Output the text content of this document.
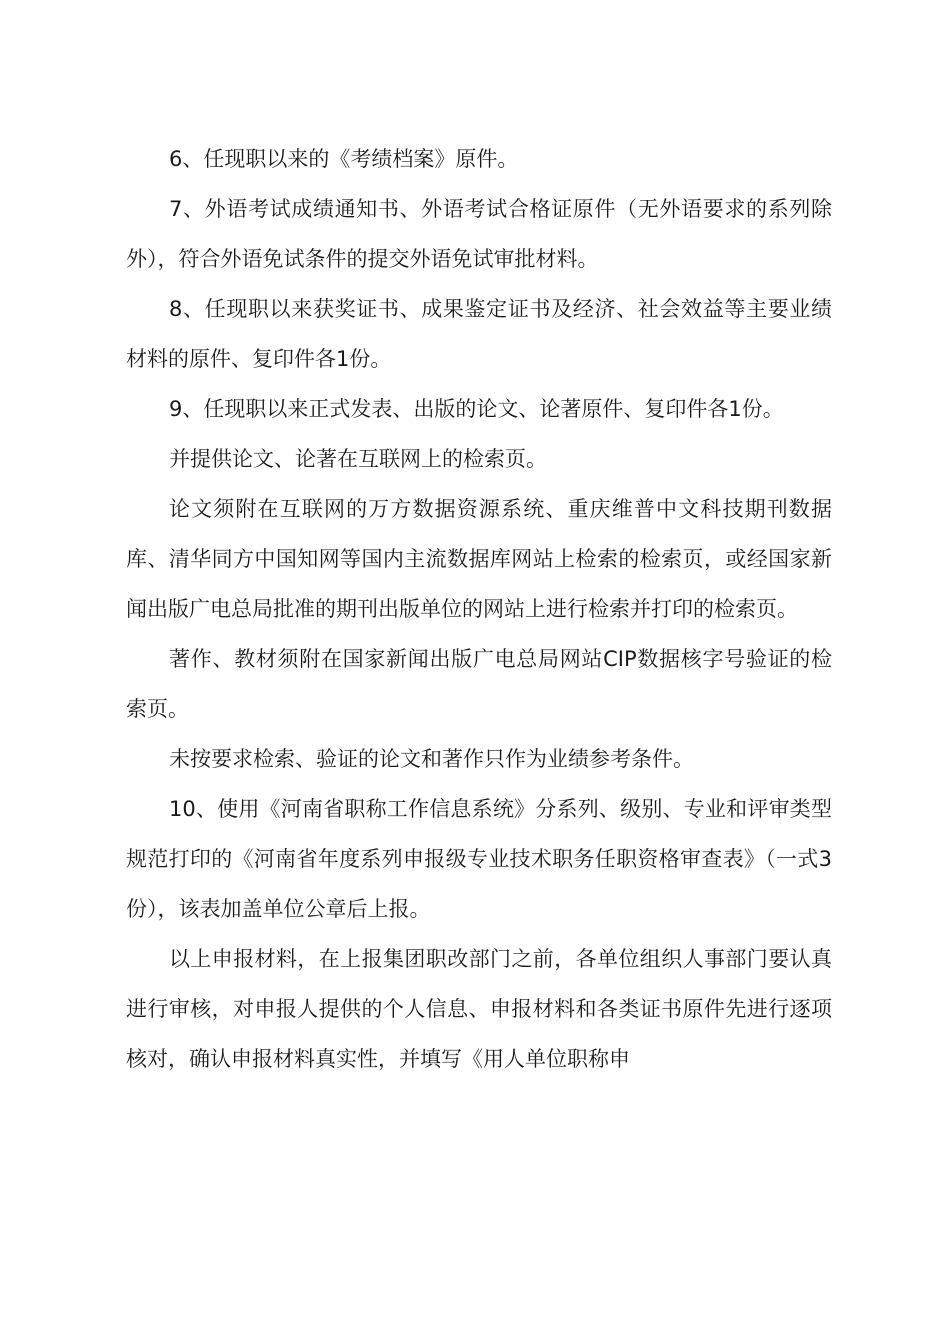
6、任现职以来的《考绩档案》原件。

7、外语考试成绩通知书、外语考试合格证原件（无外语要求的系列除外），符合外语免试条件的提交外语免试审批材料。

8、任现职以来获奖证书、成果鉴定证书及经济、社会效益等主要业绩材料的原件、复印件各1份。

9、任现职以来正式发表、出版的论文、论著原件、复印件各1份。

并提供论文、论著在互联网上的检索页。

论文须附在互联网的万方数据资源系统、重庆维普中文科技期刊数据库、清华同方中国知网等国内主流数据库网站上检索的检索页，或经国家新闻出版广电总局批准的期刊出版单位的网站上进行检索并打印的检索页。

著作、教材须附在国家新闻出版广电总局网站CIP数据核字号验证的检索页。

未按要求检索、验证的论文和著作只作为业绩参考条件。

10、使用《河南省职称工作信息系统》分系列、级别、专业和评审类型规范打印的《河南省年度系列申报级专业技术职务任职资格审查表》（一式3份），该表加盖单位公章后上报。

以上申报材料，在上报集团职改部门之前，各单位组织人事部门要认真进行审核，对申报人提供的个人信息、申报材料和各类证书原件先进行逐项核对，确认申报材料真实性，并填写《用人单位职称申
